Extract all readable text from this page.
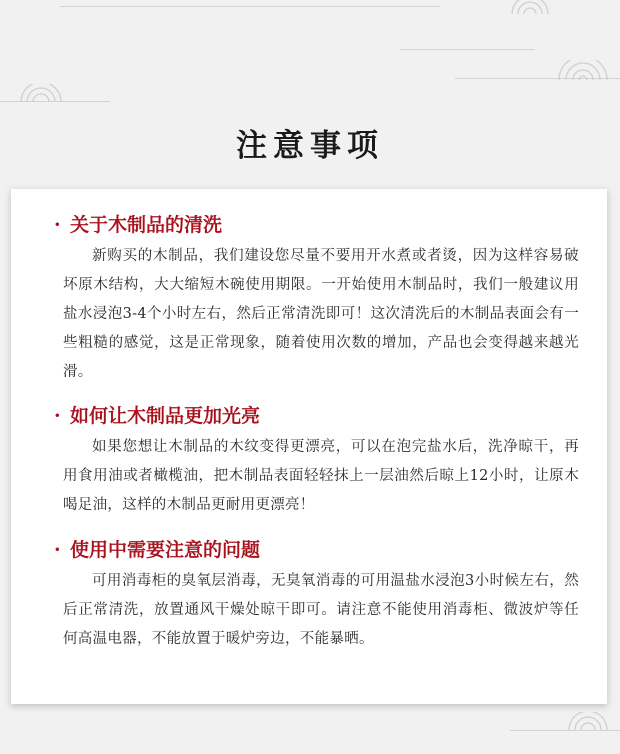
注意事项
· 关于木制品的清洗

新购买的木制品，我们建设您尽量不要用开水煮或者烫，因为这样容易破坏原木结构，大大缩短木碗使用期限。一开始使用木制品时，我们一般建议用盐水浸泡3-4个小时左右，然后正常清洗即可！这次清洗后的木制品表面会有一些粗糙的感觉，这是正常现象，随着使用次数的增加，产品也会变得越来越光滑。

· 如何让木制品更加光亮

如果您想让木制品的木纹变得更漂亮，可以在泡完盐水后，洗净晾干，再用食用油或者橄榄油，把木制品表面轻轻抹上一层油然后晾上12小时，让原木喝足油，这样的木制品更耐用更漂亮！

· 使用中需要注意的问题

可用消毒柜的臭氧层消毒，无臭氧消毒的可用温盐水浸泡3小时候左右，然后正常清洗，放置通风干燥处晾干即可。请注意不能使用消毒柜、微波炉等任何高温电器，不能放置于暖炉旁边，不能暴晒。
